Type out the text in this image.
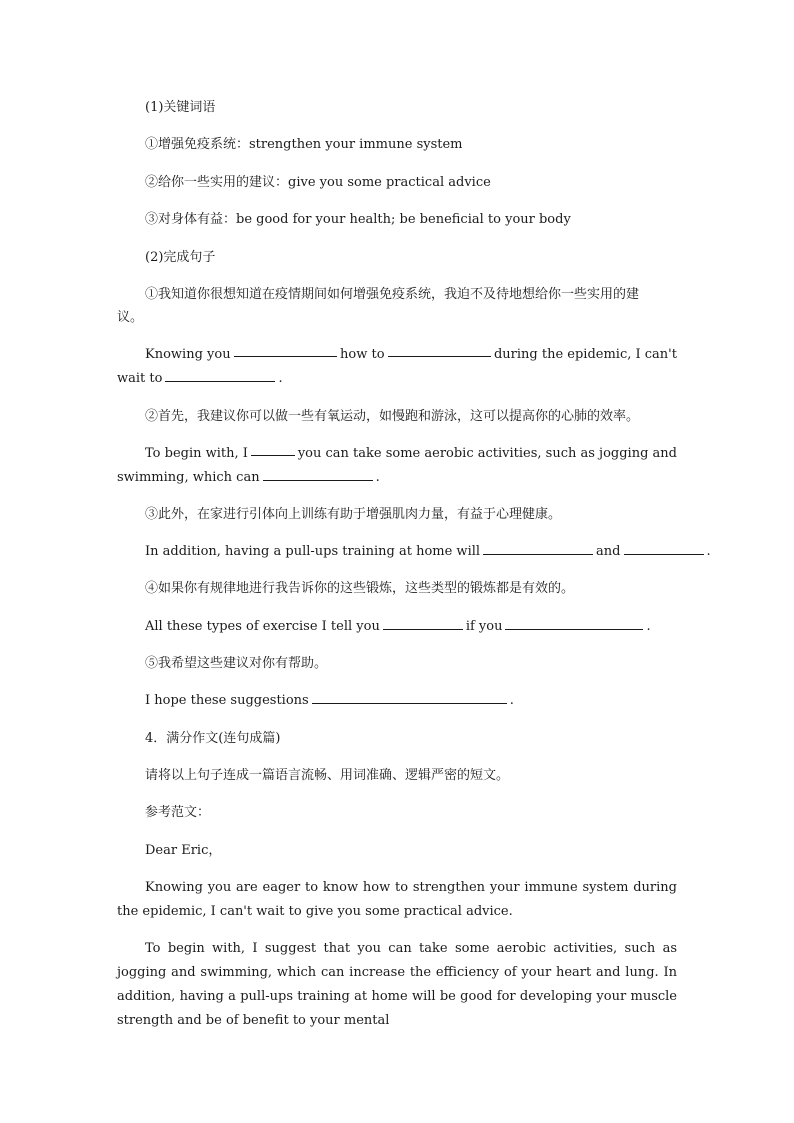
(1)关键词语
①增强免疫系统：strengthen your immune system
②给你一些实用的建议：give you some practical advice
③对身体有益：be good for your health; be beneficial to your body
(2)完成句子
①我知道你很想知道在疫情期间如何增强免疫系统，我迫不及待地想给你一些实用的建
议。
Knowing you	how to	during the epidemic, I can't
wait to	.
②首先，我建议你可以做一些有氧运动，如慢跑和游泳，这可以提高你的心肺的效率。
To begin with, I	you can take some aerobic activities, such as jogging and
swimming, which can	.
③此外，在家进行引体向上训练有助于增强肌肉力量，有益于心理健康。
In addition, having a pull-ups training at home will	and	.
④如果你有规律地进行我告诉你的这些锻炼，这些类型的锻炼都是有效的。
All these types of exercise I tell you	if you	.
⑤我希望这些建议对你有帮助。
I hope these suggestions	.
4．满分作文(连句成篇)
请将以上句子连成一篇语言流畅、用词准确、逻辑严密的短文。
参考范文：
Dear Eric，
Knowing you are eager to know how to strengthen your immune system during the epidemic, I can't wait to give you some practical advice.
To begin with, I suggest that you can take some aerobic activities, such as jogging and swimming, which can increase the efficiency of your heart and lung. In addition, having a pull-ups training at home will be good for developing your muscle strength and be of benefit to your mental
